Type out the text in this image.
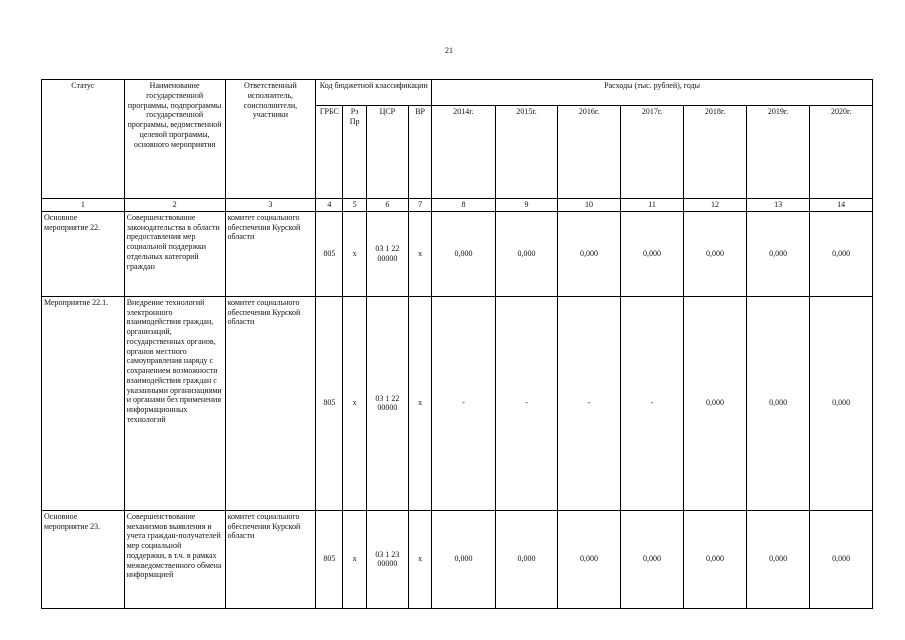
21
Статус	Наименование государственной программы, подпрограммы государственной программы, ведомственной целевой программы, основного мероприятия	Ответственный исполнитель, соисполнители, участники	Код бюджетной классификации				Расходы (тыс. рублей), годы						
			ГРБС	Рз Пр	ЦСР	ВР	2014г.	2015г.	2016г.	2017г.	2018г.	2019г.	2020г.
1	2	3	4	5	6	7	8	9	10	11	12	13	14
Основное мероприятие 22.	Совершенствование законодательства в области предоставления мер социальной поддержки отдельных категорий граждан	комитет социального обеспечения Курской области	805	х	03 1 22 00000	х	0,000	0,000	0,000	0,000	0,000	0,000	0,000
Мероприятие 22.1.	Внедрение технологий электронного взаимодействия граждан, организаций, государственных органов, органов местного самоуправления наряду с сохранением возможности взаимодействия граждан с указанными организациями и органами без применения информационных технологий	комитет социального обеспечения Курской области	805	х	03 1 22 00000	х	-	-	-	-	0,000	0,000	0,000
Основное мероприятие 23.	Совершенствование механизмов выявления и учета граждан-получателей мер социальной поддержки, в т.ч. в рамках межведомственного обмена информацией	комитет социального обеспечения Курской области	805	х	03 1 23 00000	х	0,000	0,000	0,000	0,000	0,000	0,000	0,000
